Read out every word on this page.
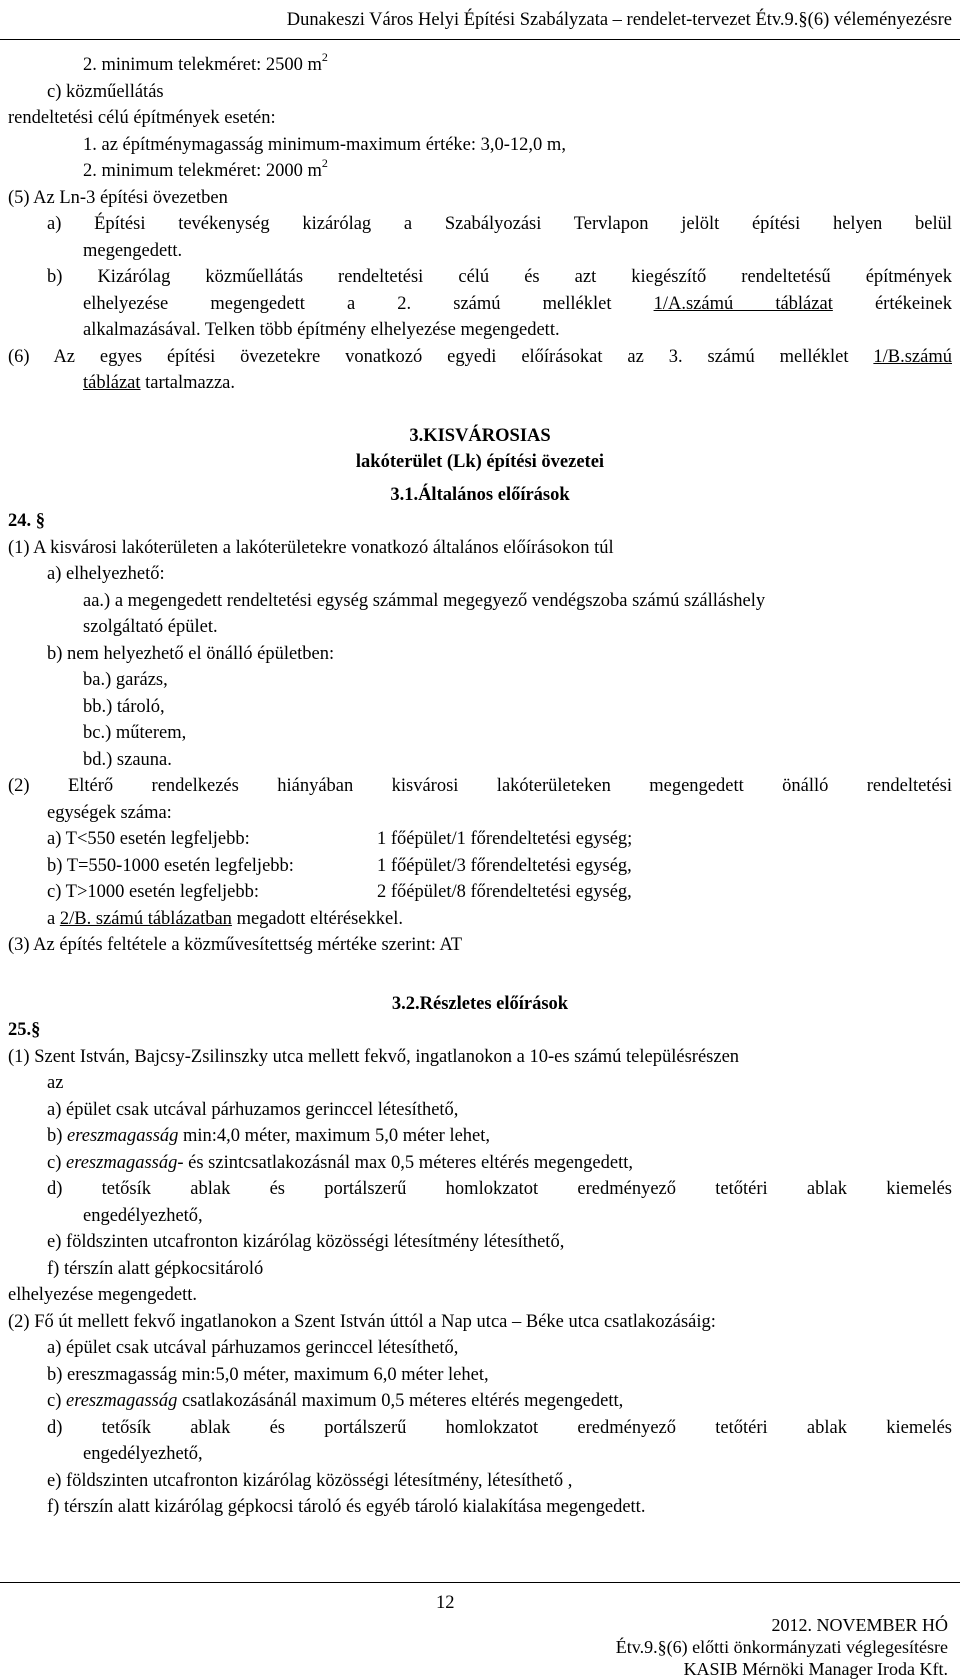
Dunakeszi Város Helyi Építési Szabályzata – rendelet-tervezet Étv.9.§(6) véleményezésre
2. minimum telekméret: 2500 $m^2$
c) közműellátás
rendeltetési célú építmények esetén:
1. az építménymagasság minimum-maximum értéke: 3,0-12,0 m,
2. minimum telekméret: 2000 $m^2$
(5) Az Ln-3 építési övezetben
a) Építési tevékenység kizárólag a Szabályozási Tervlapon jelölt építési helyen belül
megengedett.
b) Kizárólag közműellátás rendeltetési célú és azt kiegészítő rendeltetésű építmények
elhelyezése megengedett a 2. számú melléklet 1/A.számú táblázat értékeinek
alkalmazásával. Telken több építmény elhelyezése megengedett.
(6) Az egyes építési övezetekre vonatkozó egyedi előírásokat az 3. számú melléklet 1/B.számú
táblázat tartalmazza.
3.KISVÁROSIAS
lakóterület (Lk) építési övezetei
3.1.Általános előírások
24. §
(1) A kisvárosi lakóterületen a lakóterületekre vonatkozó általános előírásokon túl
a) elhelyezhető:
aa.) a megengedett rendeltetési egység számmal megegyező vendégszoba számú szálláshely
szolgáltató épület.
b) nem helyezhető el önálló épületben:
ba.) garázs,
bb.) tároló,
bc.) műterem,
bd.) szauna.
(2) Eltérő rendelkezés hiányában kisvárosi lakóterületeken megengedett önálló rendeltetési
egységek száma:
a) T<550 esetén legfeljebb:	1 főépület/1 főrendeltetési egység;
b) T=550-1000 esetén legfeljebb:	1 főépület/3 főrendeltetési egység,
c) T>1000 esetén legfeljebb:	2 főépület/8 főrendeltetési egység,
a 2/B. számú táblázatban megadott eltérésekkel.
(3) Az építés feltétele a közművesítettség mértéke szerint: AT
3.2.Részletes előírások
25.§
(1) Szent István, Bajcsy-Zsilinszky utca mellett fekvő, ingatlanokon a 10-es számú településrészen
az
a) épület csak utcával párhuzamos gerinccel létesíthető,
b) ereszmagasság min:4,0 méter, maximum 5,0 méter lehet,
c) ereszmagasság- és szintcsatlakozásnál max 0,5 méteres eltérés megengedett,
d) tetősík ablak és portálszerű homlokzatot eredményező tetőtéri ablak kiemelés
engedélyezhető,
e) földszinten utcafronton kizárólag közösségi létesítmény létesíthető,
f) térszín alatt gépkocsitároló
elhelyezése megengedett.
(2) Fő út mellett fekvő ingatlanokon a Szent István úttól a Nap utca – Béke utca csatlakozásáig:
a) épület csak utcával párhuzamos gerinccel létesíthető,
b) ereszmagasság min:5,0 méter, maximum 6,0 méter lehet,
c) ereszmagasság csatlakozásánál maximum 0,5 méteres eltérés megengedett,
d) tetősík ablak és portálszerű homlokzatot eredményező tetőtéri ablak kiemelés
engedélyezhető,
e) földszinten utcafronton kizárólag közösségi létesítmény, létesíthető ,
f) térszín alatt kizárólag gépkocsi tároló és egyéb tároló kialakítása megengedett.
12
2012. NOVEMBER HÓ
Étv.9.§(6) előtti önkormányzati véglegesítésre
KASIB Mérnöki Manager Iroda Kft.
